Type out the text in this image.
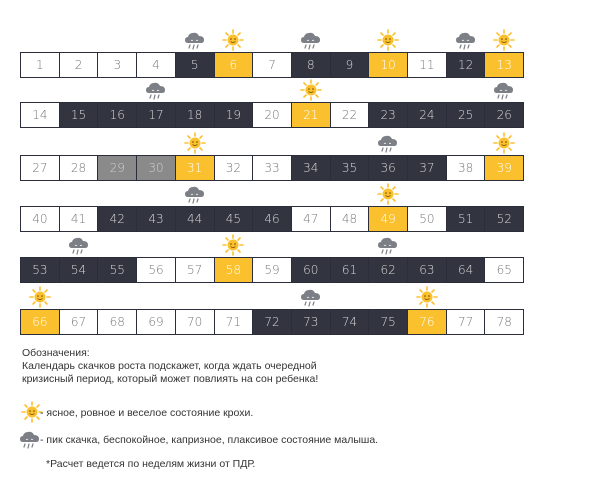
1	2	3	4	5	6	7	8	9 10 11 12 13
14 15 16 17 18 19 20 21 22 23 24 25 26
27 28 29 30 31 32 33 34 35 36 37 38 39
40 41 42 43 44 45 46 47 48 49 50 51 52
53 54 55 56 57 58 59 60 61 62 63 64 65
66 67 68 69 70 71 72 73 74 75 76 77 78
Обозначения:
Календарь скачков роста подскажет, когда ждать очередной
кризисный период, который может повлиять на сон ребенка!
- ясное, ровное и веселое состояние крохи.
- пик скачка, беспокойное, капризное, плаксивое состояние малыша.
*Расчет ведется по неделям жизни от ПДР.
